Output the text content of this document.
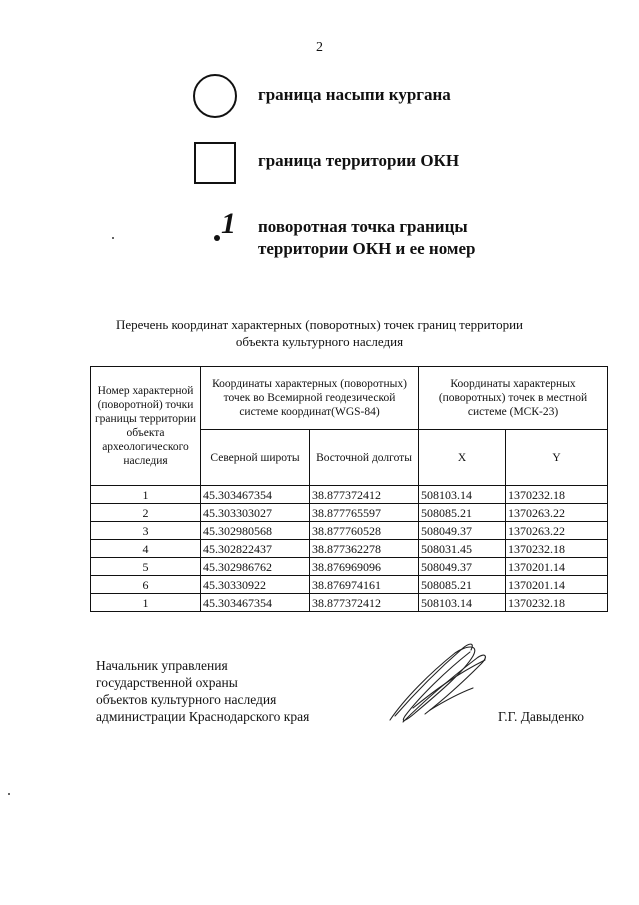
2
граница насыпи кургана
граница территории ОКН
1 поворотная точка границы
территории ОКН и ее номер
Перечень координат характерных (поворотных) точек границ территории
объекта культурного наследия
Номер характерной (поворотной) точки границы территории объекта археологического наследия	Координаты характерных (поворотных) точек во Всемирной геодезической системе координат(WGS-84)		Координаты характерных (поворотных) точек в местной системе (МСК-23)	
	Северной широты	Восточной долготы	X	Y
1	45.303467354	38.877372412	508103.14	1370232.18
2	45.303303027	38.877765597	508085.21	1370263.22
3	45.302980568	38.877760528	508049.37	1370263.22
4	45.302822437	38.877362278	508031.45	1370232.18
5	45.302986762	38.876969096	508049.37	1370201.14
6	45.30330922	38.876974161	508085.21	1370201.14
1	45.303467354	38.877372412	508103.14	1370232.18
Начальник управления
государственной охраны
объектов культурного наследия
администрации Краснодарского края	Г.Г. Давыденко
